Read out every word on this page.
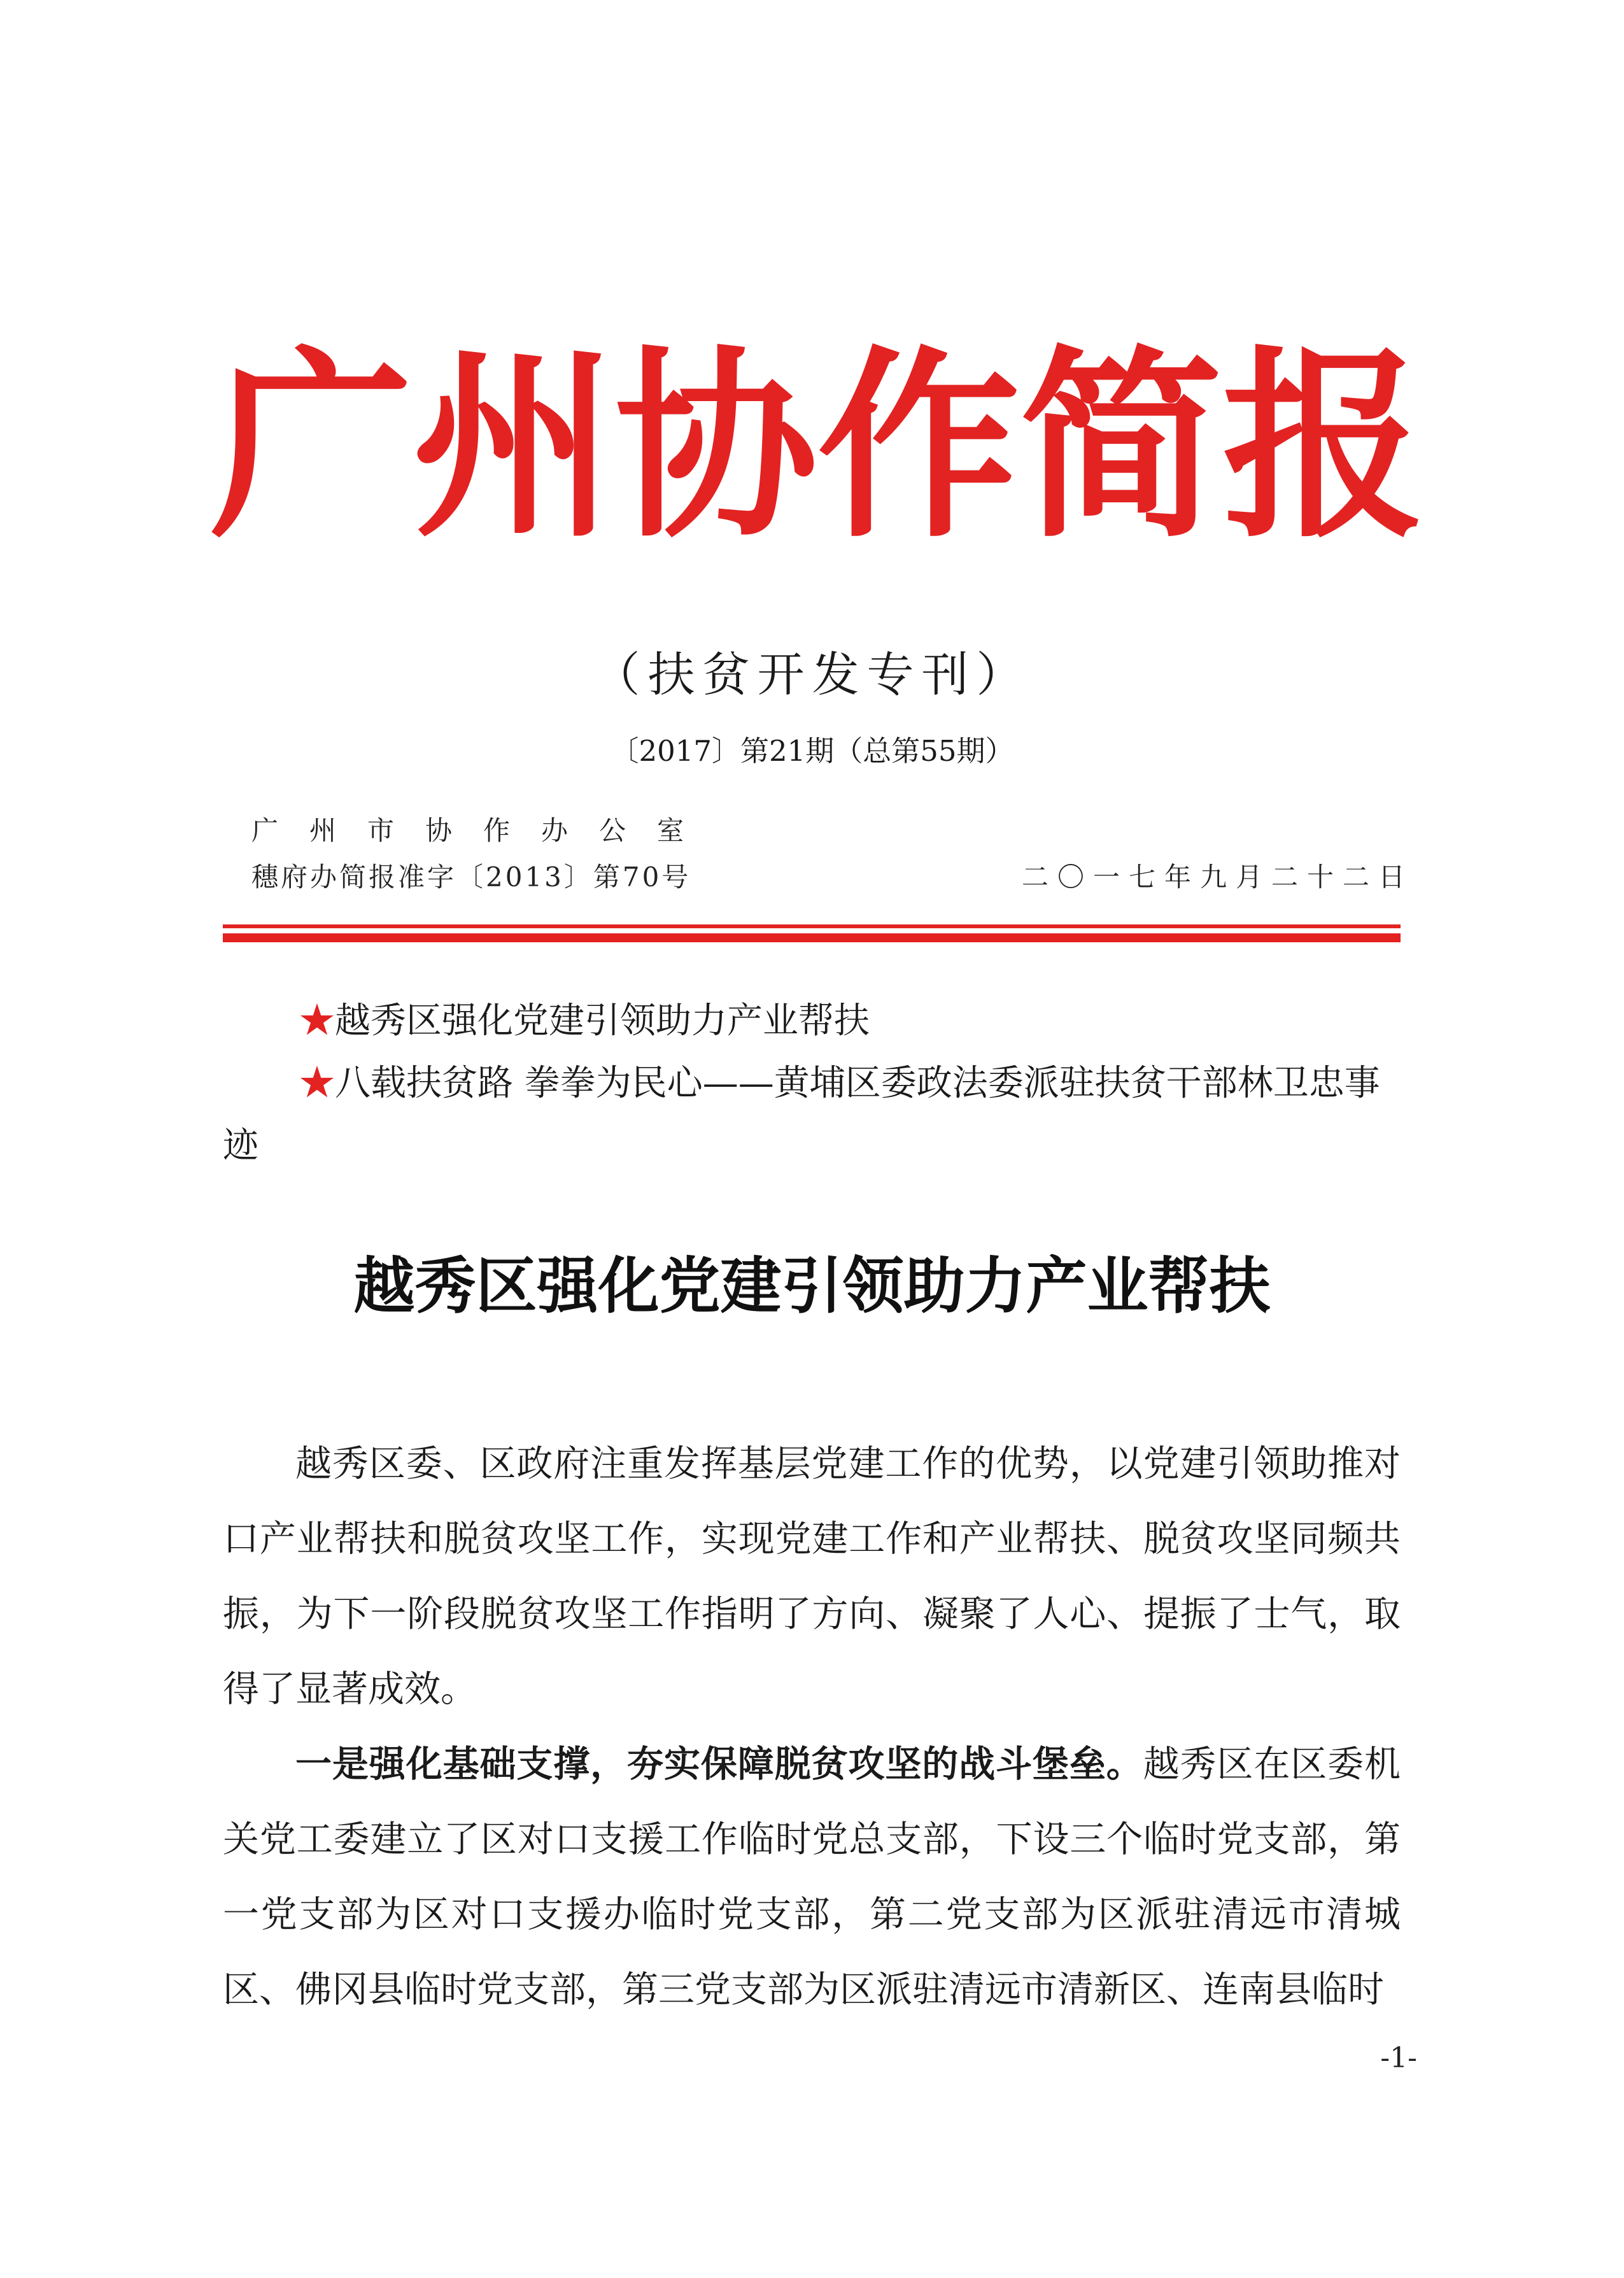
广州协作简报
（扶贫开发专刊）
〔2017〕第21期（总第55期）
广州市协作办公室
穗府办简报准字〔2013〕第70号	二〇一七年九月二十二日
★越秀区强化党建引领助力产业帮扶
★八载扶贫路 拳拳为民心——黄埔区委政法委派驻扶贫干部林卫忠事迹
越秀区强化党建引领助力产业帮扶

越秀区委、区政府注重发挥基层党建工作的优势，以党建引领助推对口产业帮扶和脱贫攻坚工作，实现党建工作和产业帮扶、脱贫攻坚同频共振，为下一阶段脱贫攻坚工作指明了方向、凝聚了人心、提振了士气，取得了显著成效。

一是强化基础支撑，夯实保障脱贫攻坚的战斗堡垒。越秀区在区委机关党工委建立了区对口支援工作临时党总支部，下设三个临时党支部，第一党支部为区对口支援办临时党支部，第二党支部为区派驻清远市清城区、佛冈县临时党支部，第三党支部为区派驻清远市清新区、连南县临时

-1-
